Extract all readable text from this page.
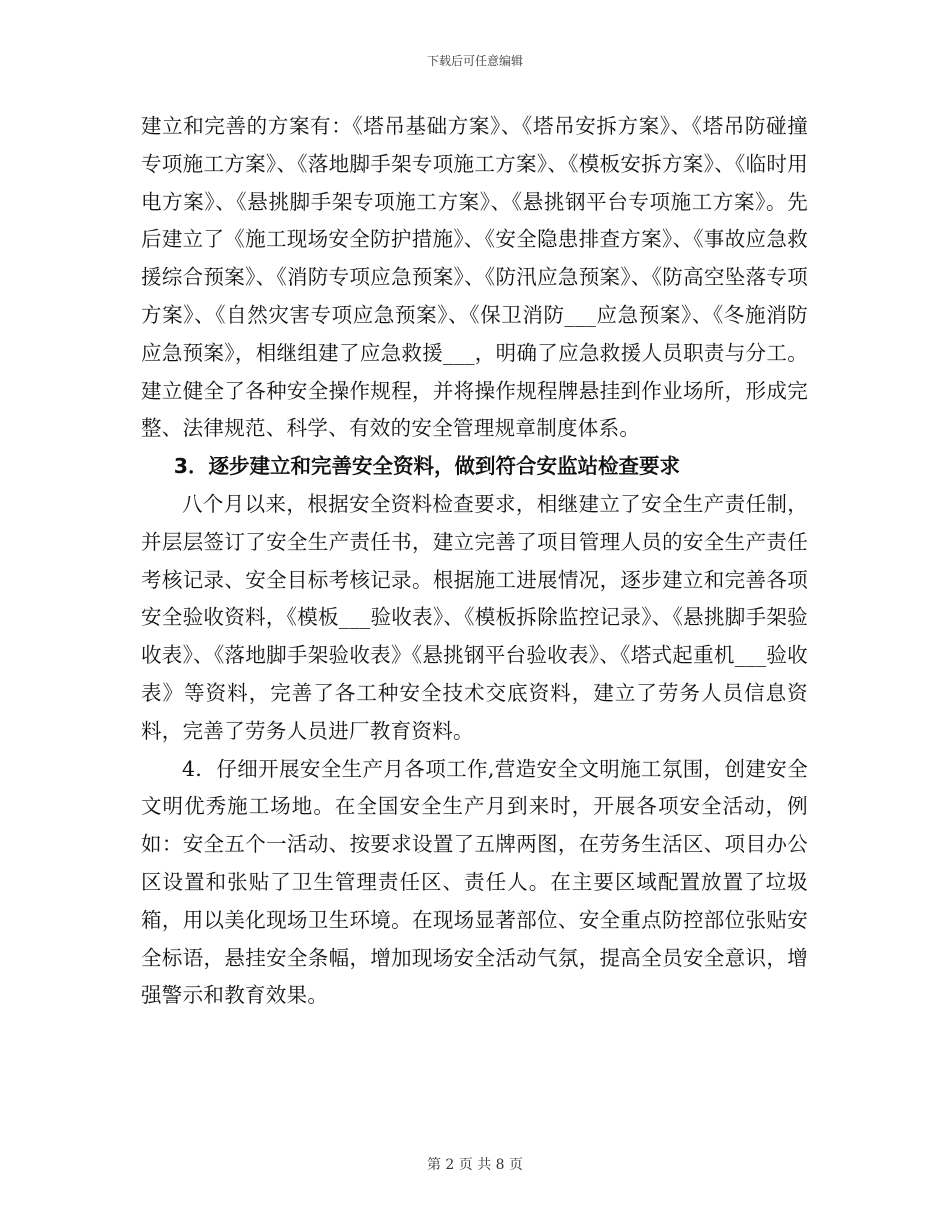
下载后可任意编辑

建立和完善的方案有：《塔吊基础方案》、《塔吊安拆方案》、《塔吊防碰撞专项施工方案》、《落地脚手架专项施工方案》、《模板安拆方案》、《临时用电方案》、《悬挑脚手架专项施工方案》、《悬挑钢平台专项施工方案》。先后建立了《施工现场安全防护措施》、《安全隐患排查方案》、《事故应急救援综合预案》、《消防专项应急预案》、《防汛应急预案》、《防高空坠落专项方案》、《自然灾害专项应急预案》、《保卫消防___应急预案》、《冬施消防应急预案》，相继组建了应急救援___，明确了应急救援人员职责与分工。建立健全了各种安全操作规程，并将操作规程牌悬挂到作业场所，形成完整、法律规范、科学、有效的安全管理规章制度体系。

3．逐步建立和完善安全资料，做到符合安监站检查要求

八个月以来，根据安全资料检查要求，相继建立了安全生产责任制，并层层签订了安全生产责任书，建立完善了项目管理人员的安全生产责任考核记录、安全目标考核记录。根据施工进展情况，逐步建立和完善各项安全验收资料，《模板___验收表》、《模板拆除监控记录》、《悬挑脚手架验收表》、《落地脚手架验收表》《悬挑钢平台验收表》、《塔式起重机___验收表》等资料，完善了各工种安全技术交底资料，建立了劳务人员信息资料，完善了劳务人员进厂教育资料。

4．仔细开展安全生产月各项工作,营造安全文明施工氛围，创建安全文明优秀施工场地。在全国安全生产月到来时，开展各项安全活动，例如：安全五个一活动、按要求设置了五牌两图，在劳务生活区、项目办公区设置和张贴了卫生管理责任区、责任人。在主要区域配置放置了垃圾箱，用以美化现场卫生环境。在现场显著部位、安全重点防控部位张贴安全标语，悬挂安全条幅，增加现场安全活动气氛，提高全员安全意识，增强警示和教育效果。

第 2 页 共 8 页
